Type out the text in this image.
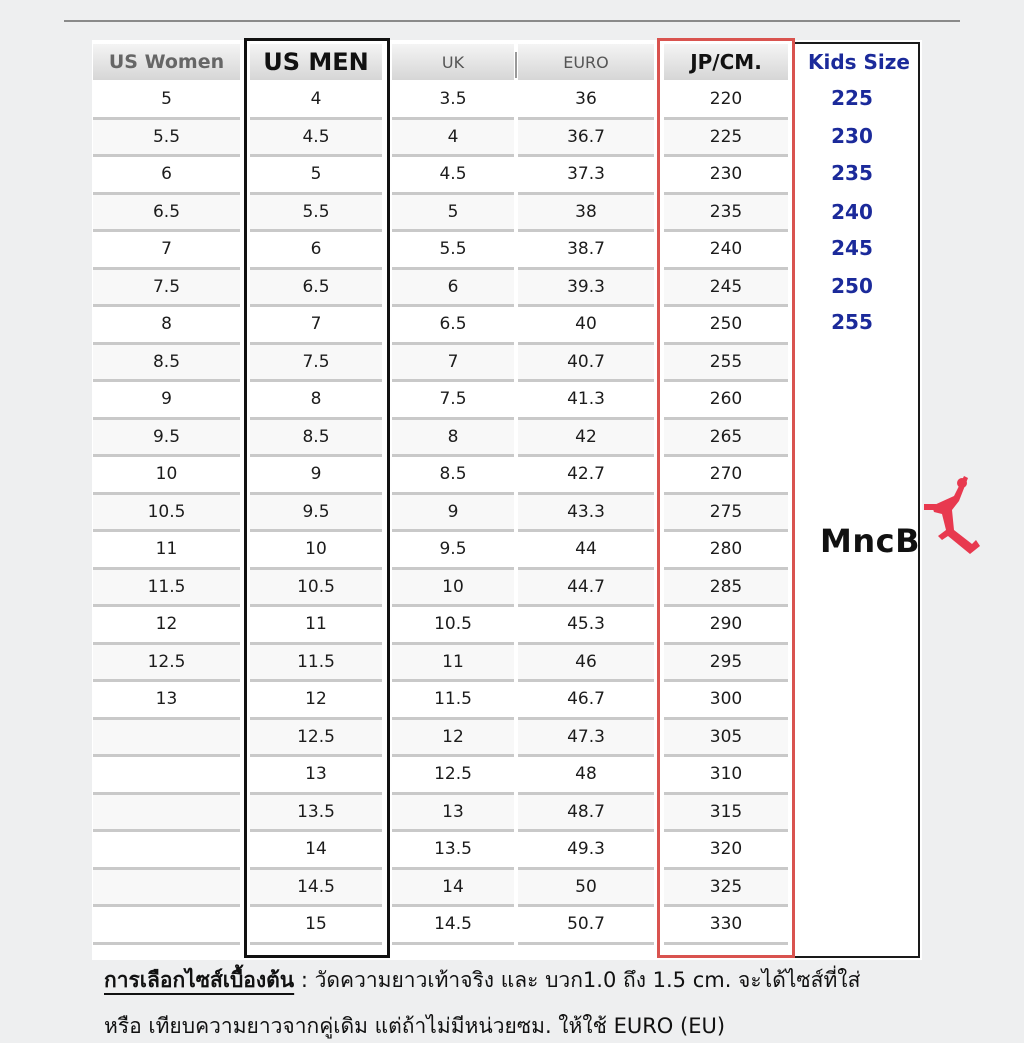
US Women
5
5.5
6
6.5
7
7.5
8
8.5
9
9.5
10
10.5
11
11.5
12
12.5
13
US MEN
4
4.5
5
5.5
6
6.5
7
7.5
8
8.5
9
9.5
10
10.5
11
11.5
12
12.5
13
13.5
14
14.5
15
UK
3.5
4
4.5
5
5.5
6
6.5
7
7.5
8
8.5
9
9.5
10
10.5
11
11.5
12
12.5
13
13.5
14
14.5
EURO
36
36.7
37.3
38
38.7
39.3
40
40.7
41.3
42
42.7
43.3
44
44.7
45.3
46
46.7
47.3
48
48.7
49.3
50
50.7
JP/CM.
220
225
230
235
240
245
250
255
260
265
270
275
280
285
290
295
300
305
310
315
320
325
330
Kids Size
225
230
235
240
245
250
255
MncB
การเลือกไซส์เบื้องต้น : วัดความยาวเท้าจริง และ บวก1.0 ถึง 1.5 cm. จะได้ไซส์ที่ใส่
หรือ เทียบความยาวจากคู่เดิม แต่ถ้าไม่มีหน่วยซม. ให้ใช้ EURO (EU)
